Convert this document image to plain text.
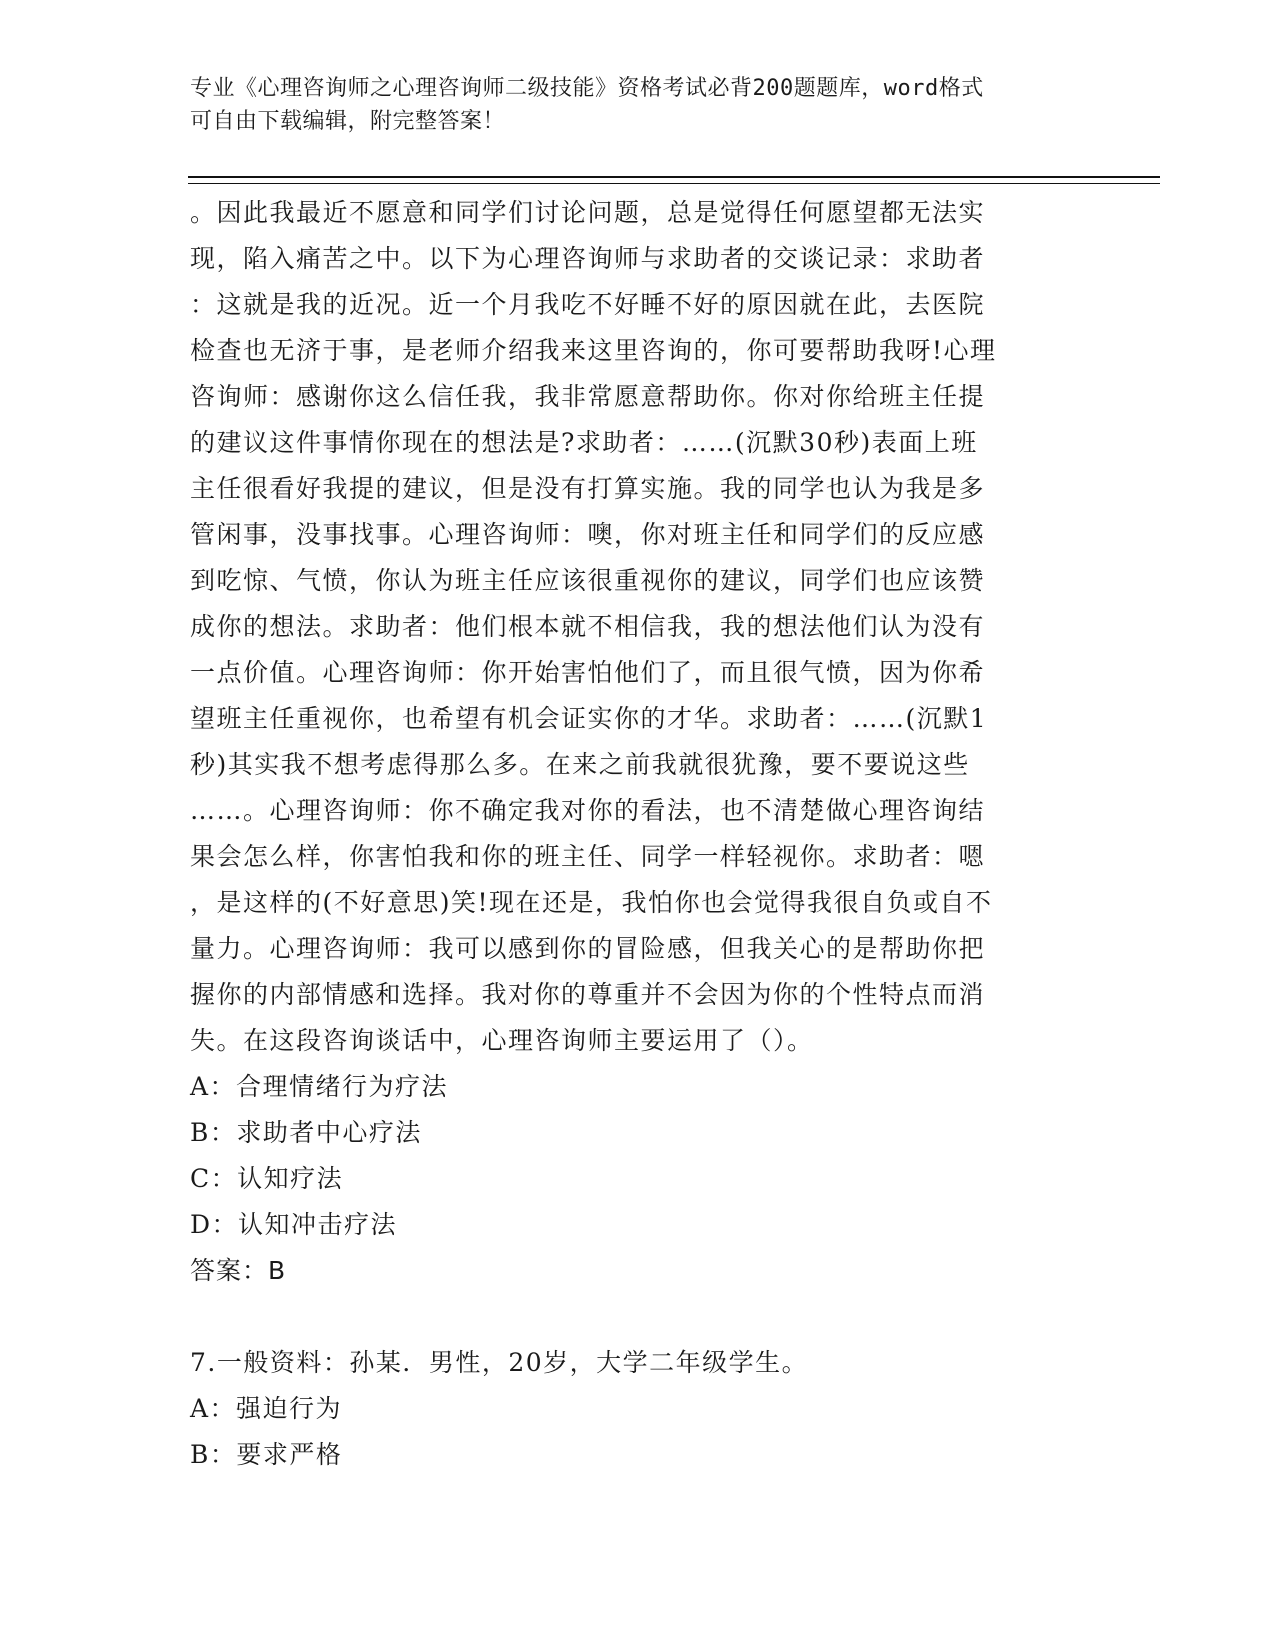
专业《心理咨询师之心理咨询师二级技能》资格考试必背200题题库，word格式
可自由下载编辑，附完整答案！
。因此我最近不愿意和同学们讨论问题，总是觉得任何愿望都无法实
现，陷入痛苦之中。以下为心理咨询师与求助者的交谈记录：求助者
：这就是我的近况。近一个月我吃不好睡不好的原因就在此，去医院
检查也无济于事，是老师介绍我来这里咨询的，你可要帮助我呀!心理
咨询师：感谢你这么信任我，我非常愿意帮助你。你对你给班主任提
的建议这件事情你现在的想法是?求助者：……(沉默30秒)表面上班
主任很看好我提的建议，但是没有打算实施。我的同学也认为我是多
管闲事，没事找事。心理咨询师：噢，你对班主任和同学们的反应感
到吃惊、气愤，你认为班主任应该很重视你的建议，同学们也应该赞
成你的想法。求助者：他们根本就不相信我，我的想法他们认为没有
一点价值。心理咨询师：你开始害怕他们了，而且很气愤，因为你希
望班主任重视你，也希望有机会证实你的才华。求助者：……(沉默1
秒)其实我不想考虑得那么多。在来之前我就很犹豫，要不要说这些
……。心理咨询师：你不确定我对你的看法，也不清楚做心理咨询结
果会怎么样，你害怕我和你的班主任、同学一样轻视你。求助者：嗯
，是这样的(不好意思)笑!现在还是，我怕你也会觉得我很自负或自不
量力。心理咨询师：我可以感到你的冒险感，但我关心的是帮助你把
握你的内部情感和选择。我对你的尊重并不会因为你的个性特点而消
失。在这段咨询谈话中，心理咨询师主要运用了（）。
A：合理情绪行为疗法
B：求助者中心疗法
C：认知疗法
D：认知冲击疗法
答案：B
7.一般资料：孙某．男性，20岁，大学二年级学生。
A：强迫行为
B：要求严格
